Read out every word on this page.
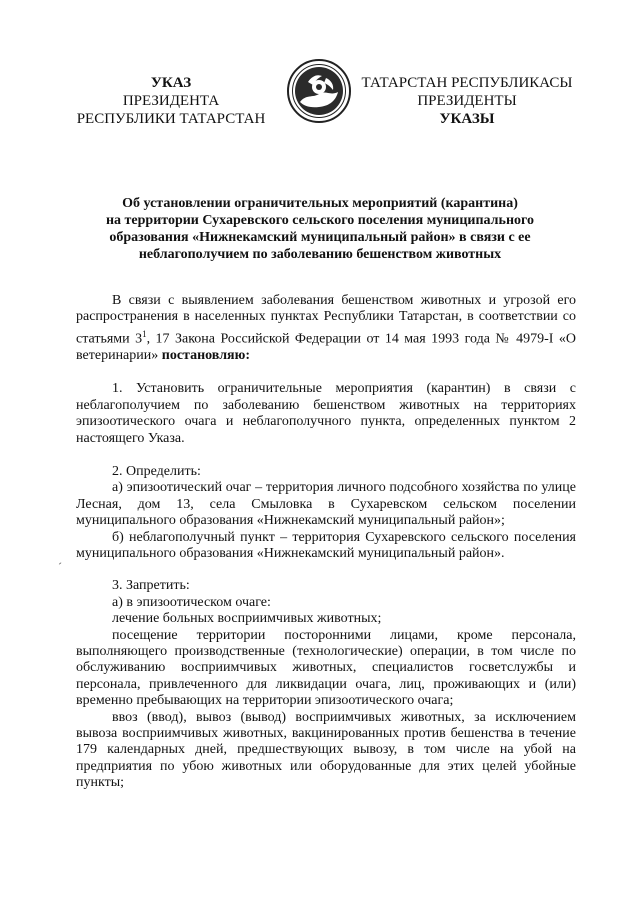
УКАЗ
ПРЕЗИДЕНТА
РЕСПУБЛИКИ ТАТАРСТАН
ТАТАРСТАН РЕСПУБЛИКАСЫ
ПРЕЗИДЕНТЫ
УКАЗЫ
Об установлении ограничительных мероприятий (карантина)
на территории Сухаревского сельского поселения муниципального
образования «Нижнекамский муниципальный район» в связи с ее
неблагополучием по заболеванию бешенством животных

В связи с выявлением заболевания бешенством животных и угрозой его распространения в населенных пунктах Республики Татарстан, в соответствии со статьями $3^1$, 17 Закона Российской Федерации от 14 мая 1993 года № 4979-I «О ветеринарии» постановляю:

1. Установить ограничительные мероприятия (карантин) в связи с неблагополучием по заболеванию бешенством животных на территориях эпизоотического очага и неблагополучного пункта, определенных пунктом 2 настоящего Указа.

2. Определить:

а) эпизоотический очаг – территория личного подсобного хозяйства по улице Лесная, дом 13, села Смыловка в Сухаревском сельском поселении муниципального образования «Нижнекамский муниципальный район»;

б) неблагополучный пункт – территория Сухаревского сельского поселения муниципального образования «Нижнекамский муниципальный район».

3. Запретить:

а) в эпизоотическом очаге:

лечение больных восприимчивых животных;

посещение территории посторонними лицами, кроме персонала, выполняющего производственные (технологические) операции, в том числе по обслуживанию восприимчивых животных, специалистов госветслужбы и персонала, привлеченного для ликвидации очага, лиц, проживающих и (или) временно пребывающих на территории эпизоотического очага;

ввоз (ввод), вывоз (вывод) восприимчивых животных, за исключением вывоза восприимчивых животных, вакцинированных против бешенства в течение 179 календарных дней, предшествующих вывозу, в том числе на убой на предприятия по убою животных или оборудованные для этих целей убойные пункты;

ˊ
